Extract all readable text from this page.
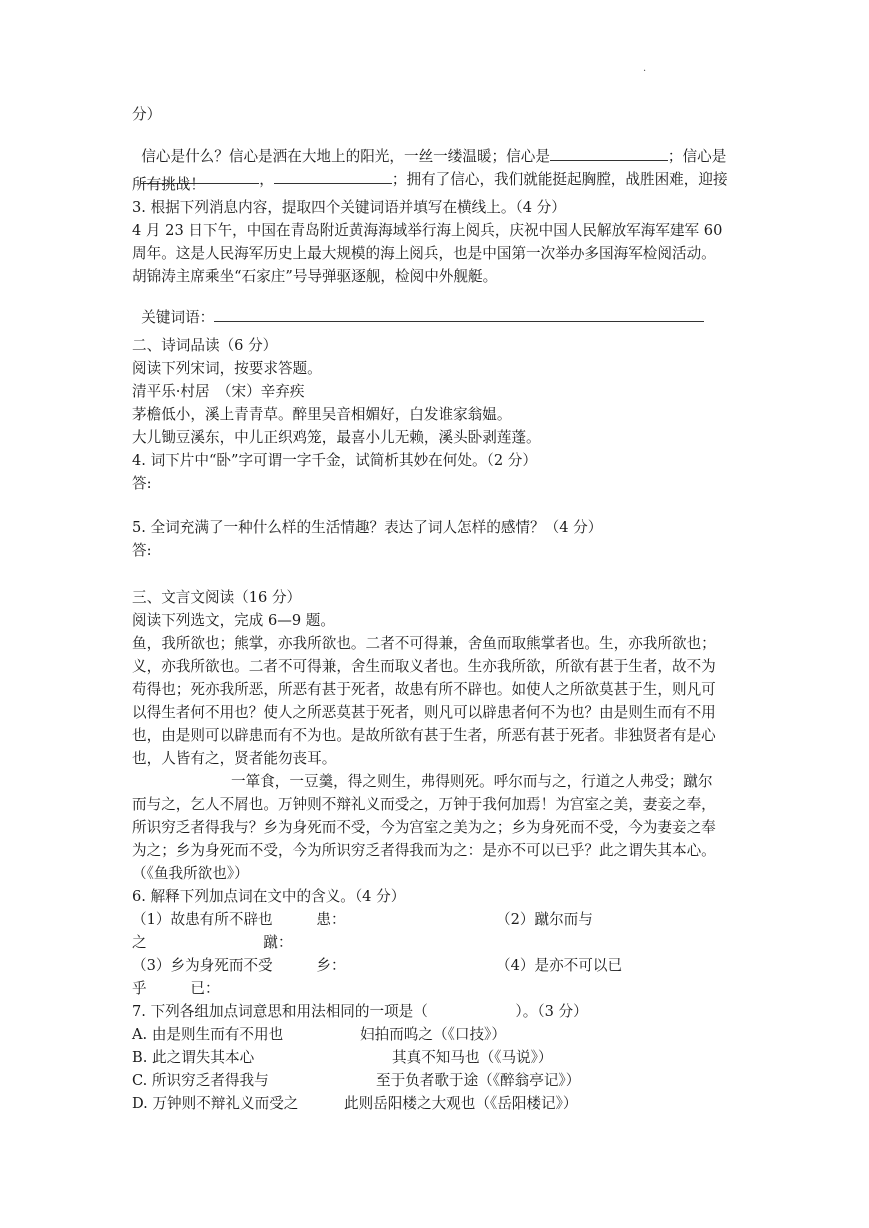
·
分）

信心是什么？信心是洒在大地上的阳光，一丝一缕温暖；信心是	；信心是

，	；拥有了信心，我们就能挺起胸膛，战胜困难，迎接

所有挑战！
3. 根据下列消息内容，提取四个关键词语并填写在横线上。（4 分）
4 月 23 日下午，中国在青岛附近黄海海域举行海上阅兵，庆祝中国人民解放军海军建军 60
周年。这是人民海军历史上最大规模的海上阅兵，也是中国第一次举办多国海军检阅活动。
胡锦涛主席乘坐“石家庄”号导弹驱逐舰，检阅中外舰艇。

关键词语：

二、诗词品读（6 分）
阅读下列宋词，按要求答题。
清平乐·村居　（宋）辛弃疾
茅檐低小，溪上青青草。醉里吴音相媚好，白发谁家翁媪。
大儿锄豆溪东，中儿正织鸡笼，最喜小儿无赖，溪头卧剥莲蓬。
4. 词下片中“卧”字可谓一字千金，试简析其妙在何处。（2 分）
答:
5. 全词充满了一种什么样的生活情趣？表达了词人怎样的感情？（4 分）
答:
三、文言文阅读（16 分）
阅读下列选文，完成 6—9 题。
鱼，我所欲也；熊掌，亦我所欲也。二者不可得兼，舍鱼而取熊掌者也。生，亦我所欲也；
义，亦我所欲也。二者不可得兼，舍生而取义者也。生亦我所欲，所欲有甚于生者，故不为
苟得也；死亦我所恶，所恶有甚于死者，故患有所不辟也。如使人之所欲莫甚于生，则凡可
以得生者何不用也？使人之所恶莫甚于死者，则凡可以辟患者何不为也？由是则生而有不用
也，由是则可以辟患而有不为也。是故所欲有甚于生者，所恶有甚于死者。非独贤者有是心
也，人皆有之，贤者能勿丧耳。
一箪食，一豆羹，得之则生，弗得则死。呼尔而与之，行道之人弗受；蹴尔
而与之，乞人不屑也。万钟则不辩礼义而受之，万钟于我何加焉！为宫室之美，妻妾之奉，
所识穷乏者得我与？乡为身死而不受，今为宫室之美为之；乡为身死而不受，今为妻妾之奉
为之；乡为身死而不受，今为所识穷乏者得我而为之：是亦不可以已乎？此之谓失其本心。
（《鱼我所欲也》）
6. 解释下列加点词在文中的含义。（4 分）
（1）故患有所不辟也　　　患：	（2）蹴尔而与
之　　　　　　　　蹴：
（3）乡为身死而不受　　　乡：	（4）是亦不可以已
乎　　　已：
7. 下列各组加点词意思和用法相同的一项是（　　　　　　）。（3 分）
A. 由是则生而有不用也	妇拍而呜之（《口技》）
B. 此之谓失其本心	其真不知马也（《马说》）
C. 所识穷乏者得我与	至于负者歌于途（《醉翁亭记》）
D. 万钟则不辩礼义而受之	此则岳阳楼之大观也（《岳阳楼记》）
